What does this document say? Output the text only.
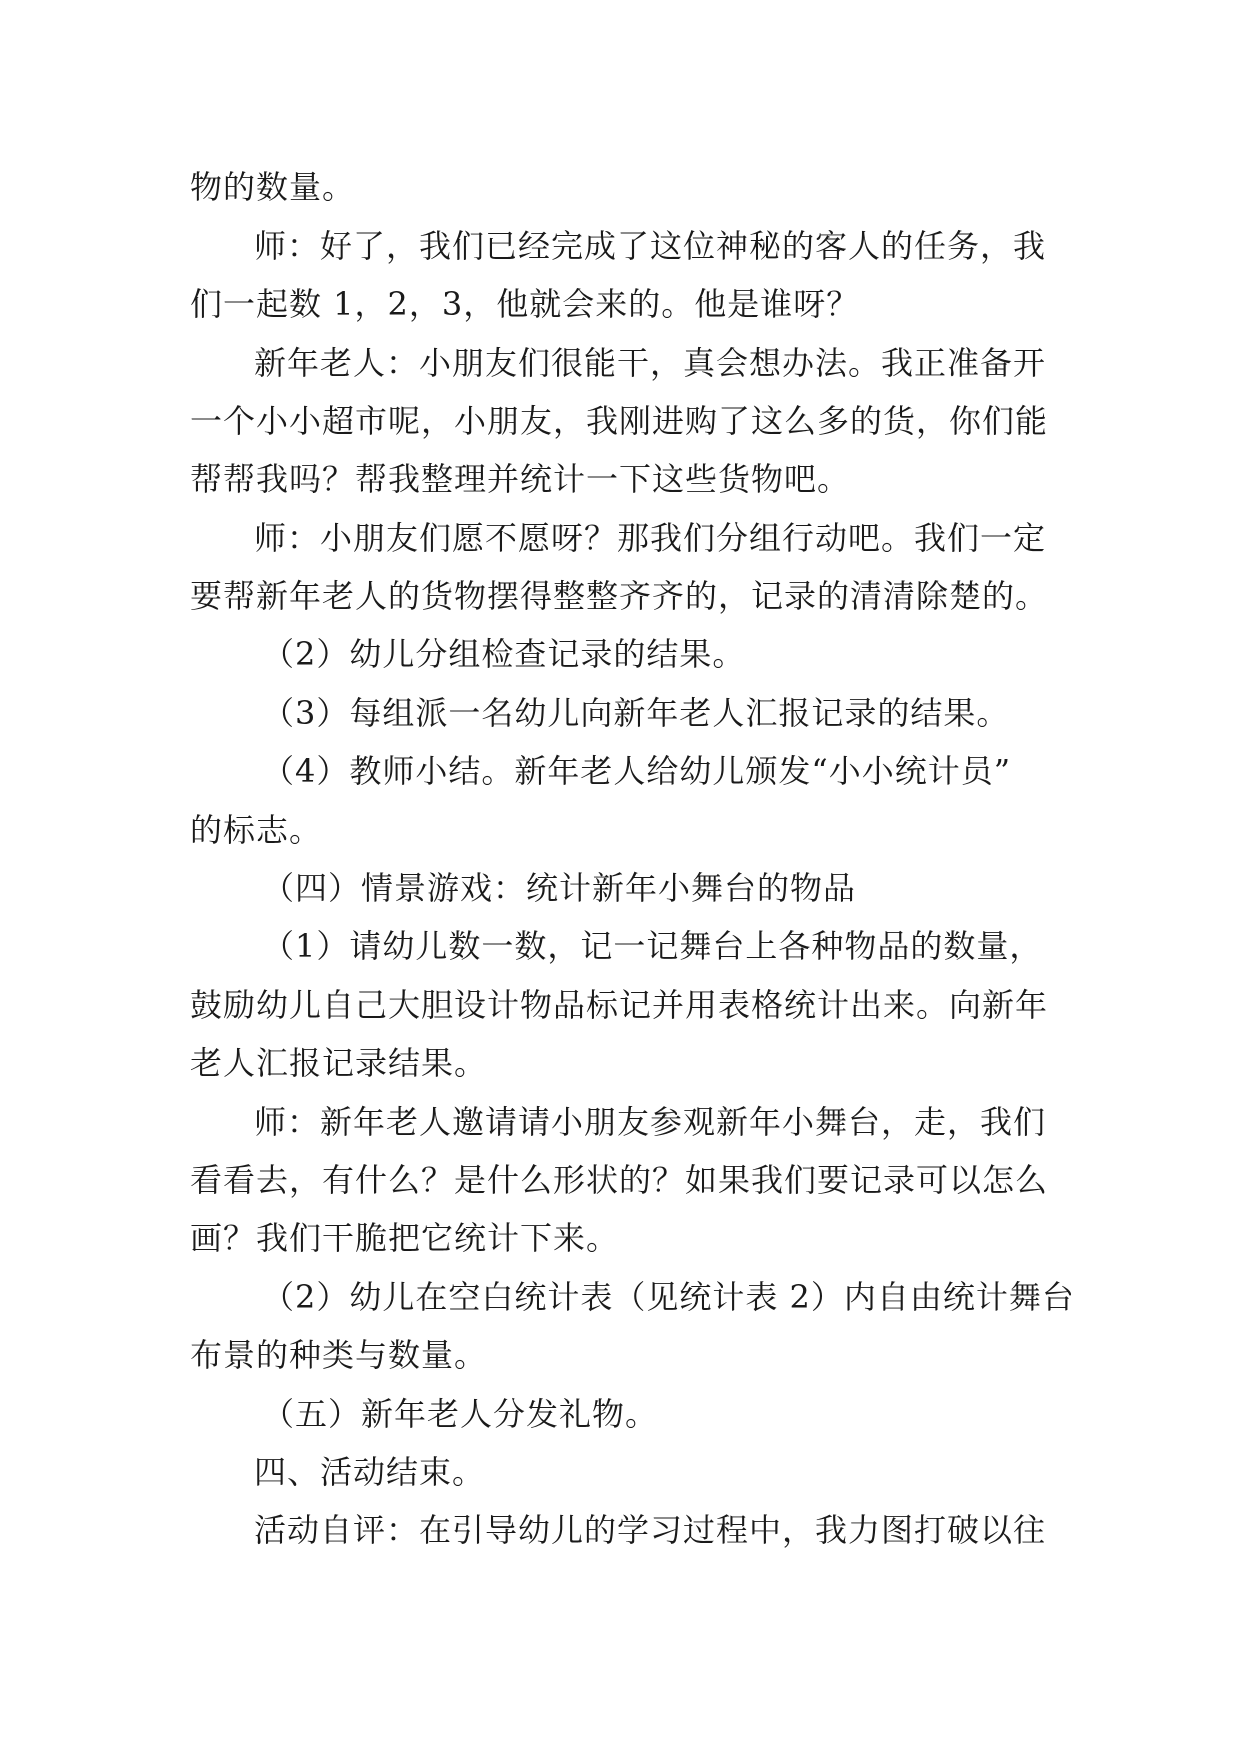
物的数量。
师：好了，我们已经完成了这位神秘的客人的任务，我
们一起数 1，2，3，他就会来的。他是谁呀？
新年老人：小朋友们很能干，真会想办法。我正准备开
一个小小超市呢，小朋友，我刚进购了这么多的货，你们能
帮帮我吗？帮我整理并统计一下这些货物吧。
师：小朋友们愿不愿呀？那我们分组行动吧。我们一定
要帮新年老人的货物摆得整整齐齐的，记录的清清除楚的。
（2）幼儿分组检查记录的结果。
（3）每组派一名幼儿向新年老人汇报记录的结果。
（4）教师小结。新年老人给幼儿颁发“小小统计员”
的标志。
（四）情景游戏：统计新年小舞台的物品
（1）请幼儿数一数，记一记舞台上各种物品的数量，
鼓励幼儿自己大胆设计物品标记并用表格统计出来。向新年
老人汇报记录结果。
师：新年老人邀请请小朋友参观新年小舞台，走，我们
看看去，有什么？是什么形状的？如果我们要记录可以怎么
画？我们干脆把它统计下来。
（2）幼儿在空白统计表（见统计表 2）内自由统计舞台
布景的种类与数量。
（五）新年老人分发礼物。
四、活动结束。
活动自评：在引导幼儿的学习过程中，我力图打破以往
